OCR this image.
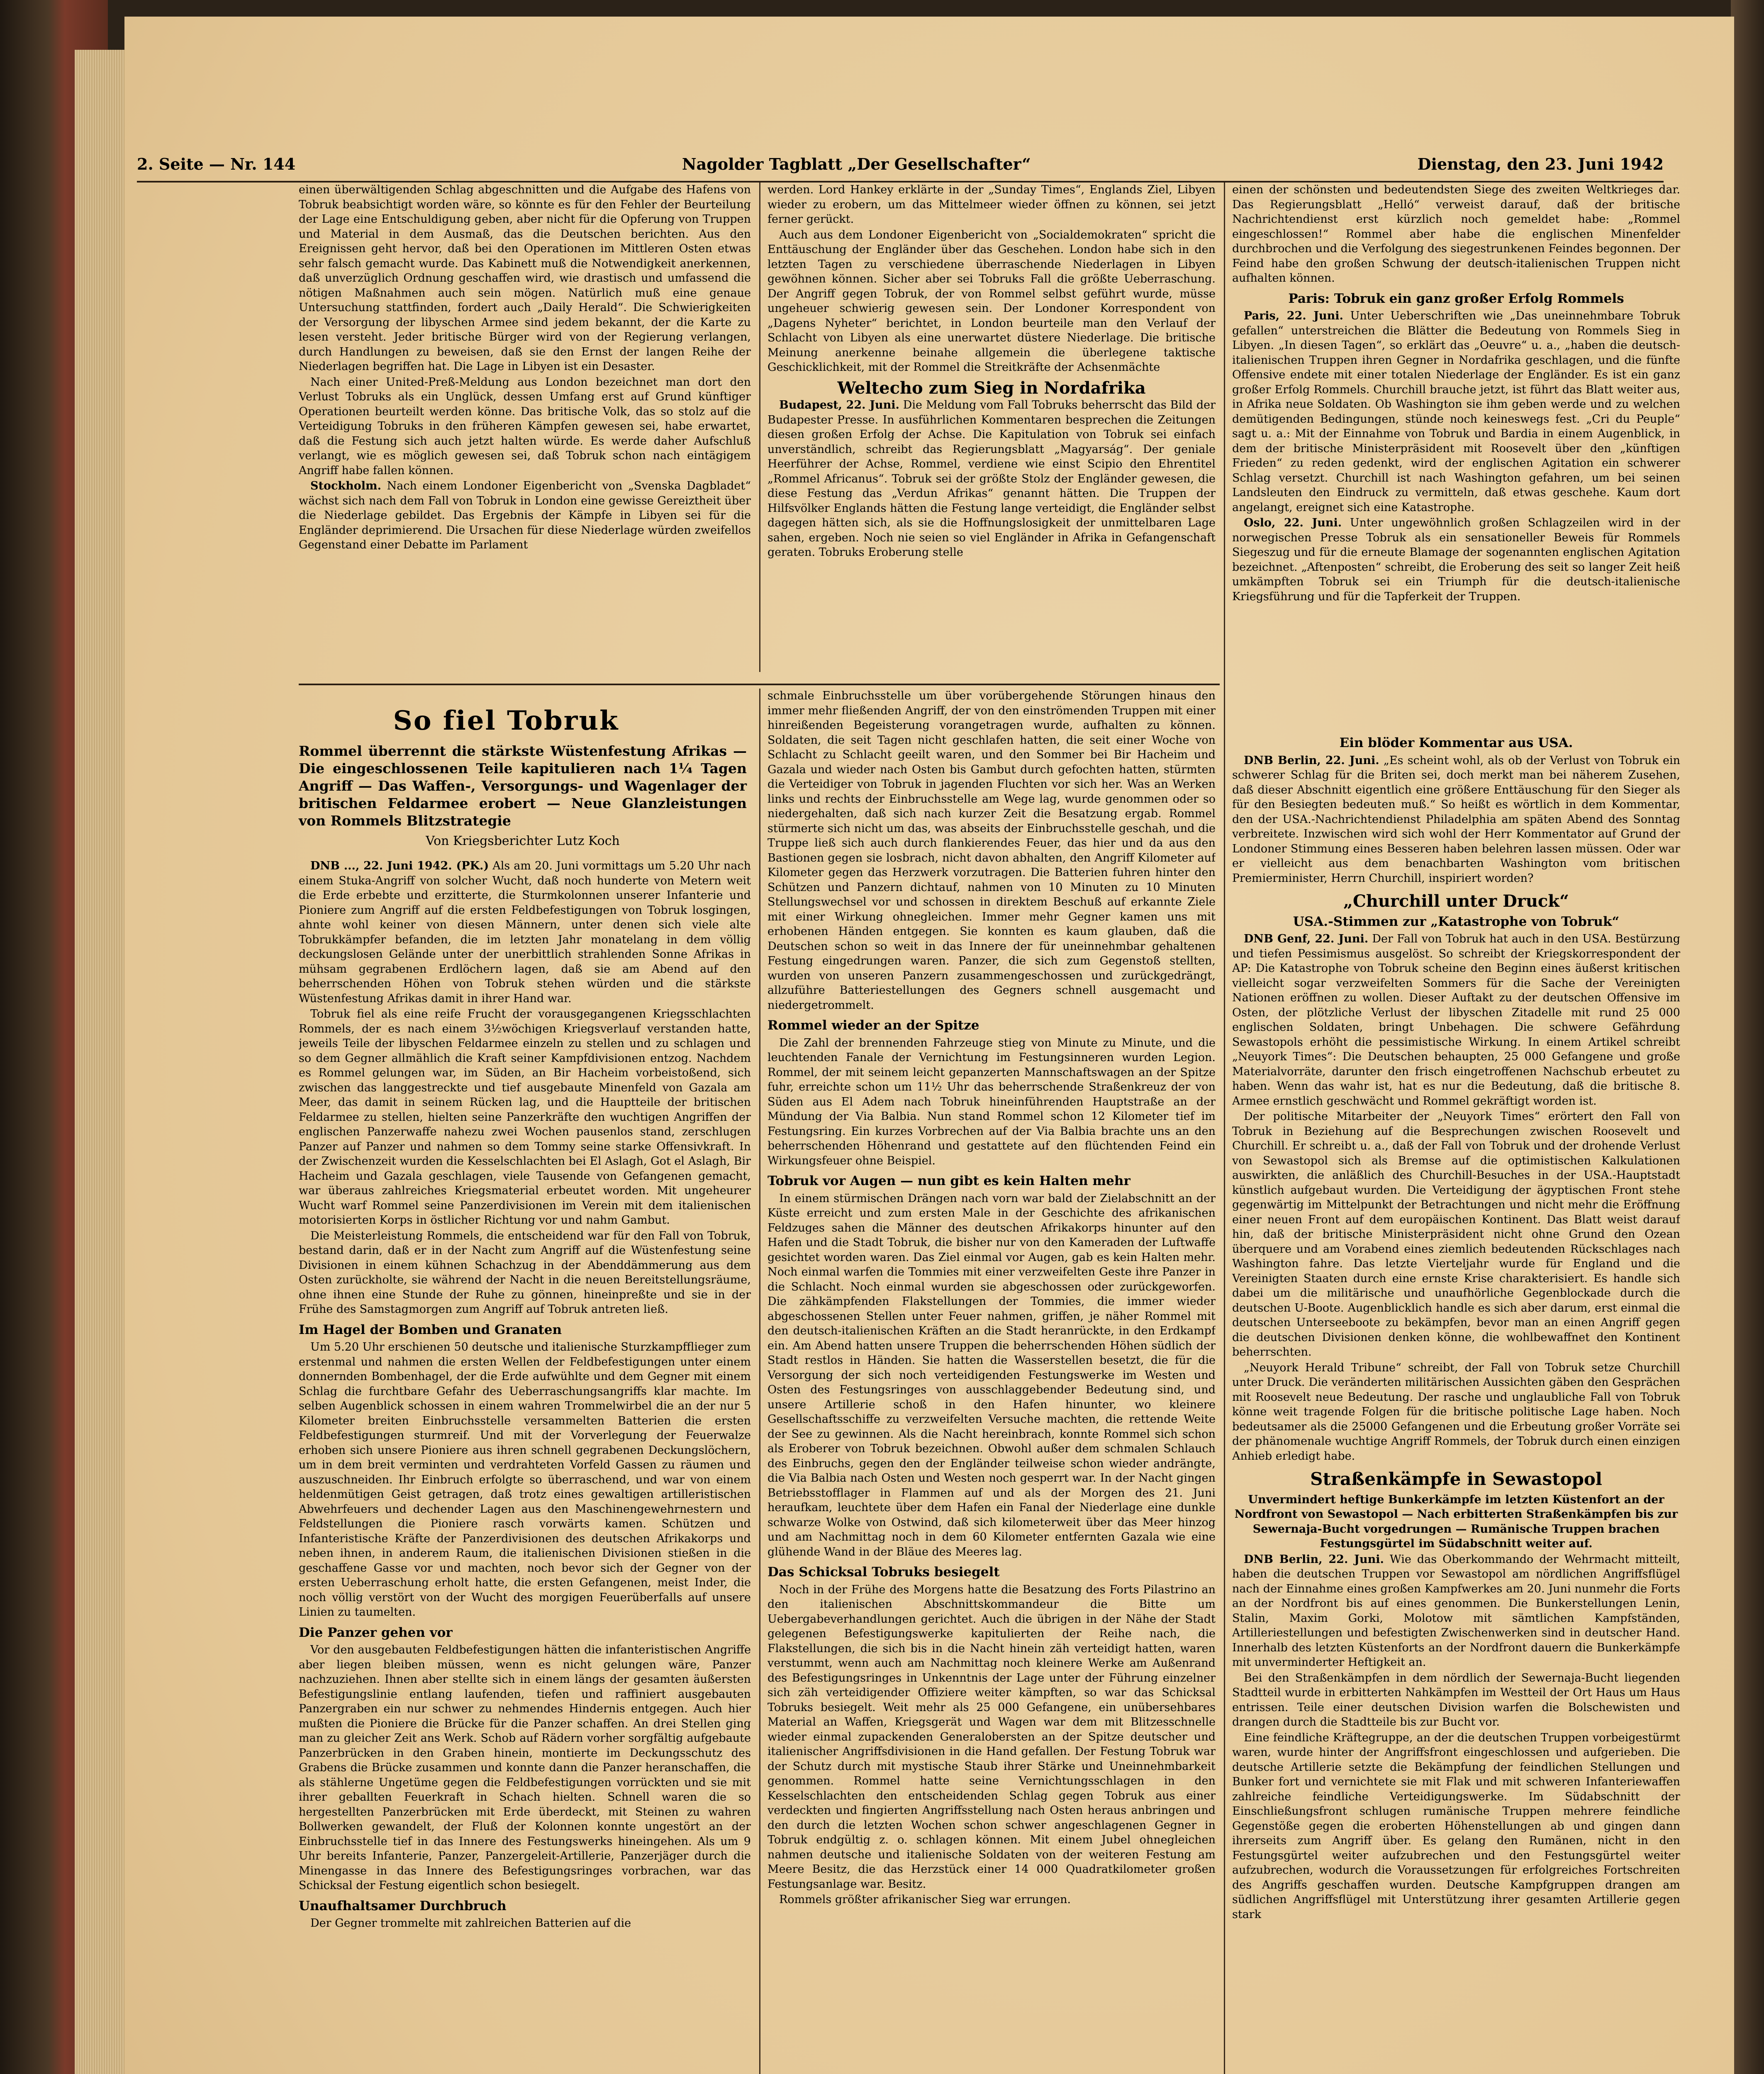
2. Seite — Nr. 144	Nagolder Tagblatt „Der Gesellschafter“	Dienstag, den 23. Juni 1942

einen überwältigenden Schlag abgeschnitten und die Aufgabe des Hafens von Tobruk beabsichtigt worden wäre, so könnte es für den Fehler der Beurteilung der Lage eine Entschuldigung geben, aber nicht für die Opferung von Truppen und Material in dem Ausmaß, das die Deutschen berichten. Aus den Ereignissen geht hervor, daß bei den Operationen im Mittleren Osten etwas sehr falsch gemacht wurde. Das Kabinett muß die Notwendigkeit anerkennen, daß unverzüglich Ordnung geschaffen wird, wie drastisch und umfassend die nötigen Maßnahmen auch sein mögen. Natürlich muß eine genaue Untersuchung stattfinden, fordert auch „Daily Herald“. Die Schwierigkeiten der Versorgung der libyschen Armee sind jedem bekannt, der die Karte zu lesen versteht. Jeder britische Bürger wird von der Regierung verlangen, durch Handlungen zu beweisen, daß sie den Ernst der langen Reihe der Niederlagen begriffen hat. Die Lage in Libyen ist ein Desaster.

Nach einer United-Preß-Meldung aus London bezeichnet man dort den Verlust Tobruks als ein Unglück, dessen Umfang erst auf Grund künftiger Operationen beurteilt werden könne. Das britische Volk, das so stolz auf die Verteidigung Tobruks in den früheren Kämpfen gewesen sei, habe erwartet, daß die Festung sich auch jetzt halten würde. Es werde daher Aufschluß verlangt, wie es möglich gewesen sei, daß Tobruk schon nach eintägigem Angriff habe fallen können.

Stockholm. Nach einem Londoner Eigenbericht von „Svenska Dagbladet“ wächst sich nach dem Fall von Tobruk in London eine gewisse Gereiztheit über die Niederlage gebildet. Das Ergebnis der Kämpfe in Libyen sei für die Engländer deprimierend. Die Ursachen für diese Niederlage würden zweifellos Gegenstand einer Debatte im Parlament

werden. Lord Hankey erklärte in der „Sunday Times“, Englands Ziel, Libyen wieder zu erobern, um das Mittelmeer wieder öffnen zu können, sei jetzt ferner gerückt.

Auch aus dem Londoner Eigenbericht von „Socialdemokraten“ spricht die Enttäuschung der Engländer über das Geschehen. London habe sich in den letzten Tagen zu verschiedene überraschende Niederlagen in Libyen gewöhnen können. Sicher aber sei Tobruks Fall die größte Ueberraschung. Der Angriff gegen Tobruk, der von Rommel selbst geführt wurde, müsse ungeheuer schwierig gewesen sein. Der Londoner Korrespondent von „Dagens Nyheter“ berichtet, in London beurteile man den Verlauf der Schlacht von Libyen als eine unerwartet düstere Niederlage. Die britische Meinung anerkenne beinahe allgemein die überlegene taktische Geschicklichkeit, mit der Rommel die Streitkräfte der Achsenmächte

Weltecho zum Sieg in Nordafrika

Budapest, 22. Juni. Die Meldung vom Fall Tobruks beherrscht das Bild der Budapester Presse. In ausführlichen Kommentaren besprechen die Zeitungen diesen großen Erfolg der Achse. Die Kapitulation von Tobruk sei einfach unverständlich, schreibt das Regierungsblatt „Magyarság“. Der geniale Heerführer der Achse, Rommel, verdiene wie einst Scipio den Ehrentitel „Rommel Africanus“. Tobruk sei der größte Stolz der Engländer gewesen, die diese Festung das „Verdun Afrikas“ genannt hätten. Die Truppen der Hilfsvölker Englands hätten die Festung lange verteidigt, die Engländer selbst dagegen hätten sich, als sie die Hoffnungslosigkeit der unmittelbaren Lage sahen, ergeben. Noch nie seien so viel Engländer in Afrika in Gefangenschaft geraten. Tobruks Eroberung stelle

einen der schönsten und bedeutendsten Siege des zweiten Weltkrieges dar. Das Regierungsblatt „Helló“ verweist darauf, daß der britische Nachrichtendienst erst kürzlich noch gemeldet habe: „Rommel eingeschlossen!“ Rommel aber habe die englischen Minenfelder durchbrochen und die Verfolgung des siegestrunkenen Feindes begonnen. Der Feind habe den großen Schwung der deutsch-italienischen Truppen nicht aufhalten können.

Paris: Tobruk ein ganz großer Erfolg Rommels

Paris, 22. Juni. Unter Ueberschriften wie „Das uneinnehmbare Tobruk gefallen“ unterstreichen die Blätter die Bedeutung von Rommels Sieg in Libyen. „In diesen Tagen“, so erklärt das „Oeuvre“ u. a., „haben die deutsch-italienischen Truppen ihren Gegner in Nordafrika geschlagen, und die fünfte Offensive endete mit einer totalen Niederlage der Engländer. Es ist ein ganz großer Erfolg Rommels. Churchill brauche jetzt, ist führt das Blatt weiter aus, in Afrika neue Soldaten. Ob Washington sie ihm geben werde und zu welchen demütigenden Bedingungen, stünde noch keineswegs fest. „Cri du Peuple“ sagt u. a.: Mit der Einnahme von Tobruk und Bardia in einem Augenblick, in dem der britische Ministerpräsident mit Roosevelt über den „künftigen Frieden“ zu reden gedenkt, wird der englischen Agitation ein schwerer Schlag versetzt. Churchill ist nach Washington gefahren, um bei seinen Landsleuten den Eindruck zu vermitteln, daß etwas geschehe. Kaum dort angelangt, ereignet sich eine Katastrophe.

Oslo, 22. Juni. Unter ungewöhnlich großen Schlagzeilen wird in der norwegischen Presse Tobruk als ein sensationeller Beweis für Rommels Siegeszug und für die erneute Blamage der sogenannten englischen Agitation bezeichnet. „Aftenposten“ schreibt, die Eroberung des seit so langer Zeit heiß umkämpften Tobruk sei ein Triumph für die deutsch-italienische Kriegsführung und für die Tapferkeit der Truppen.

So fiel Tobruk
Rommel überrennt die stärkste Wüstenfestung Afrikas — Die eingeschlossenen Teile kapitulieren nach 1¼ Tagen Angriff — Das Waffen-, Versorgungs- und Wagenlager der britischen Feldarmee erobert — Neue Glanzleistungen von Rommels Blitzstrategie
Von Kriegsberichter Lutz Koch

DNB ..., 22. Juni 1942. (PK.) Als am 20. Juni vormittags um 5.20 Uhr nach einem Stuka-Angriff von solcher Wucht, daß noch hunderte von Metern weit die Erde erbebte und erzitterte, die Sturmkolonnen unserer Infanterie und Pioniere zum Angriff auf die ersten Feldbefestigungen von Tobruk losgingen, ahnte wohl keiner von diesen Männern, unter denen sich viele alte Tobrukkämpfer befanden, die im letzten Jahr monatelang in dem völlig deckungslosen Gelände unter der unerbittlich strahlenden Sonne Afrikas in mühsam gegrabenen Erdlöchern lagen, daß sie am Abend auf den beherrschenden Höhen von Tobruk stehen würden und die stärkste Wüstenfestung Afrikas damit in ihrer Hand war.

Tobruk fiel als eine reife Frucht der vorausgegangenen Kriegsschlachten Rommels, der es nach einem 3½wöchigen Kriegsverlauf verstanden hatte, jeweils Teile der libyschen Feldarmee einzeln zu stellen und zu schlagen und so dem Gegner allmählich die Kraft seiner Kampfdivisionen entzog. Nachdem es Rommel gelungen war, im Süden, an Bir Hacheim vorbeistoßend, sich zwischen das langgestreckte und tief ausgebaute Minenfeld von Gazala am Meer, das damit in seinem Rücken lag, und die Hauptteile der britischen Feldarmee zu stellen, hielten seine Panzerkräfte den wuchtigen Angriffen der englischen Panzerwaffe nahezu zwei Wochen pausenlos stand, zerschlugen Panzer auf Panzer und nahmen so dem Tommy seine starke Offensivkraft. In der Zwischenzeit wurden die Kesselschlachten bei El Aslagh, Got el Aslagh, Bir Hacheim und Gazala geschlagen, viele Tausende von Gefangenen gemacht, war überaus zahlreiches Kriegsmaterial erbeutet worden. Mit ungeheurer Wucht warf Rommel seine Panzerdivisionen im Verein mit dem italienischen motorisierten Korps in östlicher Richtung vor und nahm Gambut.

Die Meisterleistung Rommels, die entscheidend war für den Fall von Tobruk, bestand darin, daß er in der Nacht zum Angriff auf die Wüstenfestung seine Divisionen in einem kühnen Schachzug in der Abenddämmerung aus dem Osten zurückholte, sie während der Nacht in die neuen Bereitstellungsräume, ohne ihnen eine Stunde der Ruhe zu gönnen, hineinpreßte und sie in der Frühe des Samstagmorgen zum Angriff auf Tobruk antreten ließ.

Im Hagel der Bomben und Granaten

Um 5.20 Uhr erschienen 50 deutsche und italienische Sturzkampfflieger zum erstenmal und nahmen die ersten Wellen der Feldbefestigungen unter einem donnernden Bombenhagel, der die Erde aufwühlte und dem Gegner mit einem Schlag die furchtbare Gefahr des Ueberraschungsangriffs klar machte. Im selben Augenblick schossen in einem wahren Trommelwirbel die an der nur 5 Kilometer breiten Einbruchsstelle versammelten Batterien die ersten Feldbefestigungen sturmreif. Und mit der Vorverlegung der Feuerwalze erhoben sich unsere Pioniere aus ihren schnell gegrabenen Deckungslöchern, um in dem breit verminten und verdrahteten Vorfeld Gassen zu räumen und auszuschneiden. Ihr Einbruch erfolgte so überraschend, und war von einem heldenmütigen Geist getragen, daß trotz eines gewaltigen artilleristischen Abwehrfeuers und dechender Lagen aus den Maschinengewehrnestern und Feldstellungen die Pioniere rasch vorwärts kamen. Schützen und Infanteristische Kräfte der Panzerdivisionen des deutschen Afrikakorps und neben ihnen, in anderem Raum, die italienischen Divisionen stießen in die geschaffene Gasse vor und machten, noch bevor sich der Gegner von der ersten Ueberraschung erholt hatte, die ersten Gefangenen, meist Inder, die noch völlig verstört von der Wucht des morgigen Feuerüberfalls auf unsere Linien zu taumelten.

Die Panzer gehen vor

Vor den ausgebauten Feldbefestigungen hätten die infanteristischen Angriffe aber liegen bleiben müssen, wenn es nicht gelungen wäre, Panzer nachzuziehen. Ihnen aber stellte sich in einem längs der gesamten äußersten Befestigungslinie entlang laufenden, tiefen und raffiniert ausgebauten Panzergraben ein nur schwer zu nehmendes Hindernis entgegen. Auch hier mußten die Pioniere die Brücke für die Panzer schaffen. An drei Stellen ging man zu gleicher Zeit ans Werk. Schob auf Rädern vorher sorgfältig aufgebaute Panzerbrücken in den Graben hinein, montierte im Deckungsschutz des Grabens die Brücke zusammen und konnte dann die Panzer heranschaffen, die als stählerne Ungetüme gegen die Feldbefestigungen vorrückten und sie mit ihrer geballten Feuerkraft in Schach hielten. Schnell waren die so hergestellten Panzerbrücken mit Erde überdeckt, mit Steinen zu wahren Bollwerken gewandelt, der Fluß der Kolonnen konnte ungestört an der Einbruchsstelle tief in das Innere des Festungswerks hineingehen. Als um 9 Uhr bereits Infanterie, Panzer, Panzergeleit-Artillerie, Panzerjäger durch die Minengasse in das Innere des Befestigungsringes vorbrachen, war das Schicksal der Festung eigentlich schon besiegelt.

Unaufhaltsamer Durchbruch

Der Gegner trommelte mit zahlreichen Batterien auf die

schmale Einbruchsstelle um über vorübergehende Störungen hinaus den immer mehr fließenden Angriff, der von den einströmenden Truppen mit einer hinreißenden Begeisterung vorangetragen wurde, aufhalten zu können. Soldaten, die seit Tagen nicht geschlafen hatten, die seit einer Woche von Schlacht zu Schlacht geeilt waren, und den Sommer bei Bir Hacheim und Gazala und wieder nach Osten bis Gambut durch gefochten hatten, stürmten die Verteidiger von Tobruk in jagenden Fluchten vor sich her. Was an Werken links und rechts der Einbruchsstelle am Wege lag, wurde genommen oder so niedergehalten, daß sich nach kurzer Zeit die Besatzung ergab. Rommel stürmerte sich nicht um das, was abseits der Einbruchsstelle geschah, und die Truppe ließ sich auch durch flankierendes Feuer, das hier und da aus den Bastionen gegen sie losbrach, nicht davon abhalten, den Angriff Kilometer auf Kilometer gegen das Herzwerk vorzutragen. Die Batterien fuhren hinter den Schützen und Panzern dichtauf, nahmen von 10 Minuten zu 10 Minuten Stellungswechsel vor und schossen in direktem Beschuß auf erkannte Ziele mit einer Wirkung ohnegleichen. Immer mehr Gegner kamen uns mit erhobenen Händen entgegen. Sie konnten es kaum glauben, daß die Deutschen schon so weit in das Innere der für uneinnehmbar gehaltenen Festung eingedrungen waren. Panzer, die sich zum Gegenstoß stellten, wurden von unseren Panzern zusammengeschossen und zurückgedrängt, allzuführe Batteriestellungen des Gegners schnell ausgemacht und niedergetrommelt.

Rommel wieder an der Spitze

Die Zahl der brennenden Fahrzeuge stieg von Minute zu Minute, und die leuchtenden Fanale der Vernichtung im Festungsinneren wurden Legion. Rommel, der mit seinem leicht gepanzerten Mannschaftswagen an der Spitze fuhr, erreichte schon um 11½ Uhr das beherrschende Straßenkreuz der von Süden aus El Adem nach Tobruk hineinführenden Hauptstraße an der Mündung der Via Balbia. Nun stand Rommel schon 12 Kilometer tief im Festungsring. Ein kurzes Vorbrechen auf der Via Balbia brachte uns an den beherrschenden Höhenrand und gestattete auf den flüchtenden Feind ein Wirkungsfeuer ohne Beispiel.

Tobruk vor Augen — nun gibt es kein Halten mehr

In einem stürmischen Drängen nach vorn war bald der Zielabschnitt an der Küste erreicht und zum ersten Male in der Geschichte des afrikanischen Feldzuges sahen die Männer des deutschen Afrikakorps hinunter auf den Hafen und die Stadt Tobruk, die bisher nur von den Kameraden der Luftwaffe gesichtet worden waren. Das Ziel einmal vor Augen, gab es kein Halten mehr. Noch einmal warfen die Tommies mit einer verzweifelten Geste ihre Panzer in die Schlacht. Noch einmal wurden sie abgeschossen oder zurückgeworfen. Die zähkämpfenden Flakstellungen der Tommies, die immer wieder abgeschossenen Stellen unter Feuer nahmen, griffen, je näher Rommel mit den deutsch-italienischen Kräften an die Stadt heranrückte, in den Erdkampf ein. Am Abend hatten unsere Truppen die beherrschenden Höhen südlich der Stadt restlos in Händen. Sie hatten die Wasserstellen besetzt, die für die Versorgung der sich noch verteidigenden Festungswerke im Westen und Osten des Festungsringes von ausschlaggebender Bedeutung sind, und unsere Artillerie schoß in den Hafen hinunter, wo kleinere Gesellschaftsschiffe zu verzweifelten Versuche machten, die rettende Weite der See zu gewinnen. Als die Nacht hereinbrach, konnte Rommel sich schon als Eroberer von Tobruk bezeichnen. Obwohl außer dem schmalen Schlauch des Einbruchs, gegen den der Engländer teilweise schon wieder andrängte, die Via Balbia nach Osten und Westen noch gesperrt war. In der Nacht gingen Betriebsstofflager in Flammen auf und als der Morgen des 21. Juni heraufkam, leuchtete über dem Hafen ein Fanal der Niederlage eine dunkle schwarze Wolke von Ostwind, daß sich kilometerweit über das Meer hinzog und am Nachmittag noch in dem 60 Kilometer entfernten Gazala wie eine glühende Wand in der Bläue des Meeres lag.

Das Schicksal Tobruks besiegelt

Noch in der Frühe des Morgens hatte die Besatzung des Forts Pilastrino an den italienischen Abschnittskommandeur die Bitte um Uebergabeverhandlungen gerichtet. Auch die übrigen in der Nähe der Stadt gelegenen Befestigungswerke kapitulierten der Reihe nach, die Flakstellungen, die sich bis in die Nacht hinein zäh verteidigt hatten, waren verstummt, wenn auch am Nachmittag noch kleinere Werke am Außenrand des Befestigungsringes in Unkenntnis der Lage unter der Führung einzelner sich zäh verteidigender Offiziere weiter kämpften, so war das Schicksal Tobruks besiegelt. Weit mehr als 25 000 Gefangene, ein unübersehbares Material an Waffen, Kriegsgerät und Wagen war dem mit Blitzesschnelle wieder einmal zupackenden Generalobersten an der Spitze deutscher und italienischer Angriffsdivisionen in die Hand gefallen. Der Festung Tobruk war der Schutz durch mit mystische Staub ihrer Stärke und Uneinnehmbarkeit genommen. Rommel hatte seine Vernichtungsschlagen in den Kesselschlachten den entscheidenden Schlag gegen Tobruk aus einer verdeckten und fingierten Angriffsstellung nach Osten heraus anbringen und den durch die letzten Wochen schon schwer angeschlagenen Gegner in Tobruk endgültig z. o. schlagen können. Mit einem Jubel ohnegleichen nahmen deutsche und italienische Soldaten von der weiteren Festung am Meere Besitz, die das Herzstück einer 14 000 Quadratkilometer großen Festungsanlage war. Besitz.

Rommels größter afrikanischer Sieg war errungen.

Ein blöder Kommentar aus USA.

DNB Berlin, 22. Juni. „Es scheint wohl, als ob der Verlust von Tobruk ein schwerer Schlag für die Briten sei, doch merkt man bei näherem Zusehen, daß dieser Abschnitt eigentlich eine größere Enttäuschung für den Sieger als für den Besiegten bedeuten muß.“ So heißt es wörtlich in dem Kommentar, den der USA.-Nachrichtendienst Philadelphia am späten Abend des Sonntag verbreitete. Inzwischen wird sich wohl der Herr Kommentator auf Grund der Londoner Stimmung eines Besseren haben belehren lassen müssen. Oder war er vielleicht aus dem benachbarten Washington vom britischen Premierminister, Herrn Churchill, inspiriert worden?

„Churchill unter Druck“
USA.-Stimmen zur „Katastrophe von Tobruk“

DNB Genf, 22. Juni. Der Fall von Tobruk hat auch in den USA. Bestürzung und tiefen Pessimismus ausgelöst. So schreibt der Kriegskorrespondent der AP: Die Katastrophe von Tobruk scheine den Beginn eines äußerst kritischen vielleicht sogar verzweifelten Sommers für die Sache der Vereinigten Nationen eröffnen zu wollen. Dieser Auftakt zu der deutschen Offensive im Osten, der plötzliche Verlust der libyschen Zitadelle mit rund 25 000 englischen Soldaten, bringt Unbehagen. Die schwere Gefährdung Sewastopols erhöht die pessimistische Wirkung. In einem Artikel schreibt „Neuyork Times“: Die Deutschen behaupten, 25 000 Gefangene und große Materialvorräte, darunter den frisch eingetroffenen Nachschub erbeutet zu haben. Wenn das wahr ist, hat es nur die Bedeutung, daß die britische 8. Armee ernstlich geschwächt und Rommel gekräftigt worden ist.

Der politische Mitarbeiter der „Neuyork Times“ erörtert den Fall von Tobruk in Beziehung auf die Besprechungen zwischen Roosevelt und Churchill. Er schreibt u. a., daß der Fall von Tobruk und der drohende Verlust von Sewastopol sich als Bremse auf die optimistischen Kalkulationen auswirkten, die anläßlich des Churchill-Besuches in der USA.-Hauptstadt künstlich aufgebaut wurden. Die Verteidigung der ägyptischen Front stehe gegenwärtig im Mittelpunkt der Betrachtungen und nicht mehr die Eröffnung einer neuen Front auf dem europäischen Kontinent. Das Blatt weist darauf hin, daß der britische Ministerpräsident nicht ohne Grund den Ozean überquere und am Vorabend eines ziemlich bedeutenden Rückschlages nach Washington fahre. Das letzte Vierteljahr wurde für England und die Vereinigten Staaten durch eine ernste Krise charakterisiert. Es handle sich dabei um die militärische und unaufhörliche Gegenblockade durch die deutschen U-Boote. Augenblicklich handle es sich aber darum, erst einmal die deutschen Unterseeboote zu bekämpfen, bevor man an einen Angriff gegen die deutschen Divisionen denken könne, die wohlbewaffnet den Kontinent beherrschten.

„Neuyork Herald Tribune“ schreibt, der Fall von Tobruk setze Churchill unter Druck. Die veränderten militärischen Aussichten gäben den Gesprächen mit Roosevelt neue Bedeutung. Der rasche und unglaubliche Fall von Tobruk könne weit tragende Folgen für die britische politische Lage haben. Noch bedeutsamer als die 25000 Gefangenen und die Erbeutung großer Vorräte sei der phänomenale wuchtige Angriff Rommels, der Tobruk durch einen einzigen Anhieb erledigt habe.

Straßenkämpfe in Sewastopol

Unvermindert heftige Bunkerkämpfe im letzten Küstenfort an der Nordfront von Sewastopol — Nach erbitterten Straßenkämpfen bis zur Sewernaja-Bucht vorgedrungen — Rumänische Truppen brachen Festungsgürtel im Südabschnitt weiter auf.

DNB Berlin, 22. Juni. Wie das Oberkommando der Wehrmacht mitteilt, haben die deutschen Truppen vor Sewastopol am nördlichen Angriffsflügel nach der Einnahme eines großen Kampfwerkes am 20. Juni nunmehr die Forts an der Nordfront bis auf eines genommen. Die Bunkerstellungen Lenin, Stalin, Maxim Gorki, Molotow mit sämtlichen Kampfständen, Artilleriestellungen und befestigten Zwischenwerken sind in deutscher Hand. Innerhalb des letzten Küstenforts an der Nordfront dauern die Bunkerkämpfe mit unverminderter Heftigkeit an.

Bei den Straßenkämpfen in dem nördlich der Sewernaja-Bucht liegenden Stadtteil wurde in erbitterten Nahkämpfen im Westteil der Ort Haus um Haus entrissen. Teile einer deutschen Division warfen die Bolschewisten und drangen durch die Stadtteile bis zur Bucht vor.

Eine feindliche Kräftegruppe, an der die deutschen Truppen vorbeigestürmt waren, wurde hinter der Angriffsfront eingeschlossen und aufgerieben. Die deutsche Artillerie setzte die Bekämpfung der feindlichen Stellungen und Bunker fort und vernichtete sie mit Flak und mit schweren Infanteriewaffen zahlreiche feindliche Verteidigungswerke. Im Südabschnitt der Einschließungsfront schlugen rumänische Truppen mehrere feindliche Gegenstöße gegen die eroberten Höhenstellungen ab und gingen dann ihrerseits zum Angriff über. Es gelang den Rumänen, nicht in den Festungsgürtel weiter aufzubrechen und den Festungsgürtel weiter aufzubrechen, wodurch die Voraussetzungen für erfolgreiches Fortschreiten des Angriffs geschaffen wurden. Deutsche Kampfgruppen drangen am südlichen Angriffsflügel mit Unterstützung ihrer gesamten Artillerie gegen stark
